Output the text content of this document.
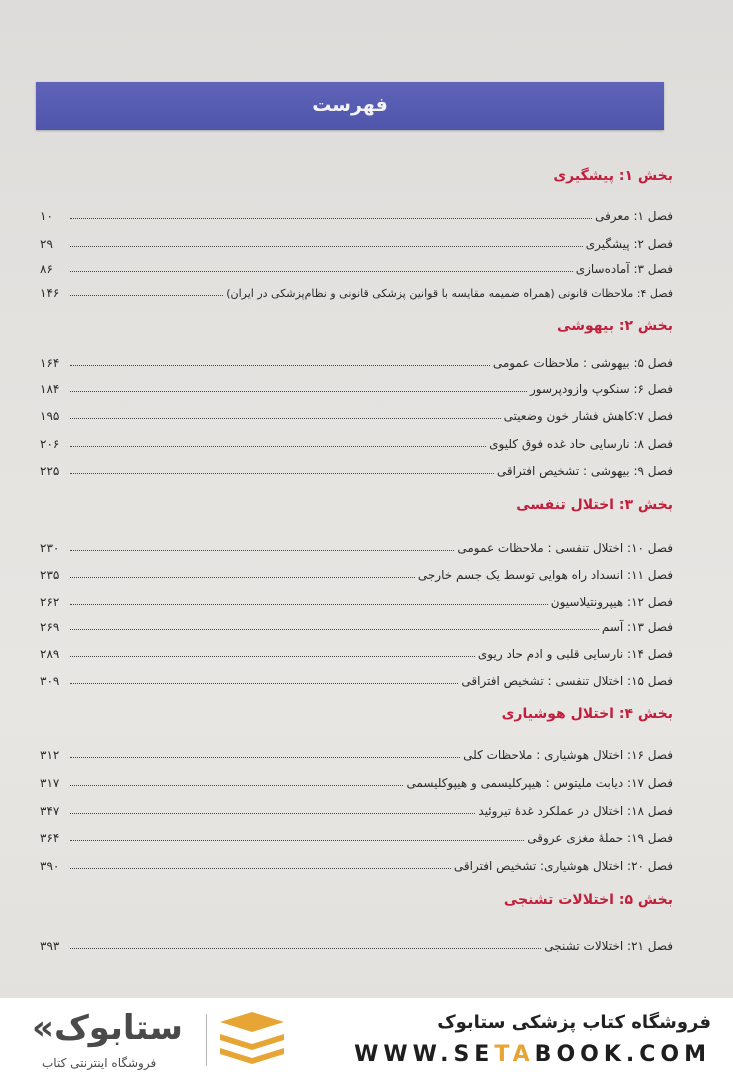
فهرست
بخش ۱: پیشگیری
فصل ۱: معرفی
۱۰
فصل ۲: پیشگیری
۲۹
فصل ۳: آماده‌سازی
۸۶
فصل ۴: ملاحظات قانونی (همراه ضمیمه مقایسه با قوانین پزشکی قانونی و نظام‌پزشکی در ایران)
۱۴۶
بخش ۲: بیهوشی
فصل ۵: بیهوشی : ملاحظات عمومی
۱۶۴
فصل ۶: سنکوپ وازودپرسور
۱۸۴
فصل ۷:کاهش فشار خون وضعیتی
۱۹۵
فصل ۸: نارسایی حاد غده فوق کلیوی
۲۰۶
فصل ۹: بیهوشی : تشخیص افتراقی
۲۲۵
بخش ۳: اختلال تنفسی
فصل ۱۰: اختلال تنفسی : ملاحظات عمومی
۲۳۰
فصل ۱۱: انسداد راه هوایی توسط یک جسم خارجی
۲۳۵
فصل ۱۲: هیپرونتیلاسیون
۲۶۲
فصل ۱۳: آسم
۲۶۹
فصل ۱۴: نارسایی قلبی و ادم حاد ریوی
۲۸۹
فصل ۱۵: اختلال تنفسی : تشخیص افتراقی
۳۰۹
بخش ۴: اختلال هوشیاری
فصل ۱۶: اختلال هوشیاری : ملاحظات کلی
۳۱۲
فصل ۱۷: دیابت ملیتوس : هیپرکلیسمی و هیپوکلیسمی
۳۱۷
فصل ۱۸: اختلال در عملکرد غدهٔ تیروئید
۳۴۷
فصل ۱۹: حملهٔ مغزی عروقی
۳۶۴
فصل ۲۰: اختلال هوشیاری: تشخیص افتراقی
۳۹۰
بخش ۵: اختلالات تشنجی
فصل ۲۱: اختلالات تشنجی
۳۹۳
«ستابوک
فروشگاه اینترنتی کتاب
فروشگاه کتاب پزشکی ستابوک
WWW.SETABOOK.COM
